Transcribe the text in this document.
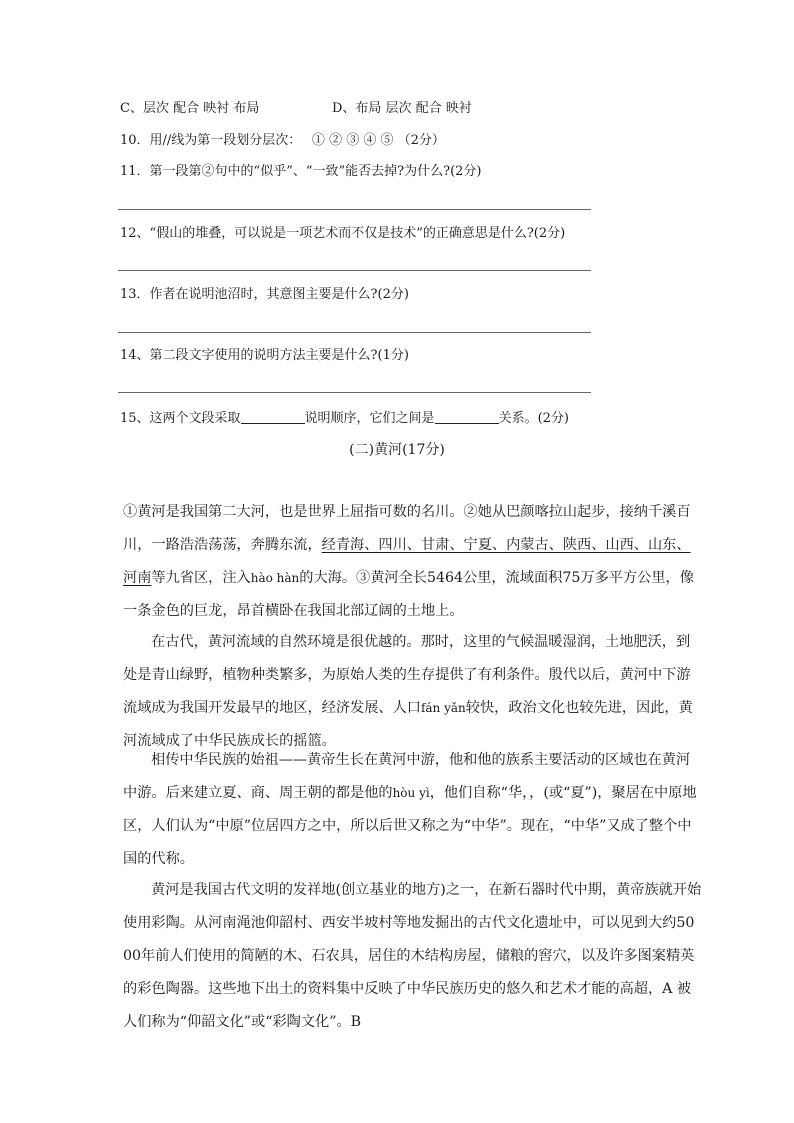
C、层次 配合 映衬 布局	D、布局 层次 配合 映衬
10．用//线为第一段划分层次：　 ① ② ③ ④ ⑤ （2分）
11．第一段第②句中的“似乎”、“一致”能否去掉?为什么?(2分)
12、“假山的堆叠，可以说是一项艺术而不仅是技术”的正确意思是什么?(2分)
13．作者在说明池沼时，其意图主要是什么?(2分)
14、第二段文字使用的说明方法主要是什么?(1分)
15、这两个文段采取	说明顺序，它们之间是	关系。(2分)
(二)黄河(17分)
①黄河是我国第二大河，也是世界上屈指可数的名川。②她从巴颜喀拉山起步，接纳千溪百川，一路浩浩荡荡，奔腾东流，经青海、四川、甘肃、宁夏、内蒙古、陕西、山西、山东、河南等九省区，注入hào hàn的大海。③黄河全长5464公里，流域面积75万多平方公里，像一条金色的巨龙，昂首横卧在我国北部辽阔的土地上。
在古代，黄河流域的自然环境是很优越的。那时，这里的气候温暖湿润，土地肥沃，到处是青山绿野，植物种类繁多，为原始人类的生存提供了有利条件。殷代以后，黄河中下游流域成为我国开发最早的地区，经济发展、人口fán yǎn较快，政治文化也较先进，因此，黄河流域成了中华民族成长的摇篮。
相传中华民族的始祖——黄帝生长在黄河中游，他和他的族系主要活动的区域也在黄河中游。后来建立夏、商、周王朝的都是他的hòu yì，他们自称“华，，(或“夏”)，聚居在中原地区，人们认为“中原”位居四方之中，所以后世又称之为“中华”。现在，“中华”又成了整个中国的代称。
黄河是我国古代文明的发祥地(创立基业的地方)之一，在新石器时代中期，黄帝族就开始使用彩陶。从河南渑池仰韶村、西安半坡村等地发掘出的古代文化遗址中，可以见到大约5000年前人们使用的简陋的木、石农具，居住的木结构房屋，储粮的窖穴，以及许多图案精英的彩色陶器。这些地下出土的资料集中反映了中华民族历史的悠久和艺术才能的高超，A 被人们称为“仰韶文化”或“彩陶文化”。B
